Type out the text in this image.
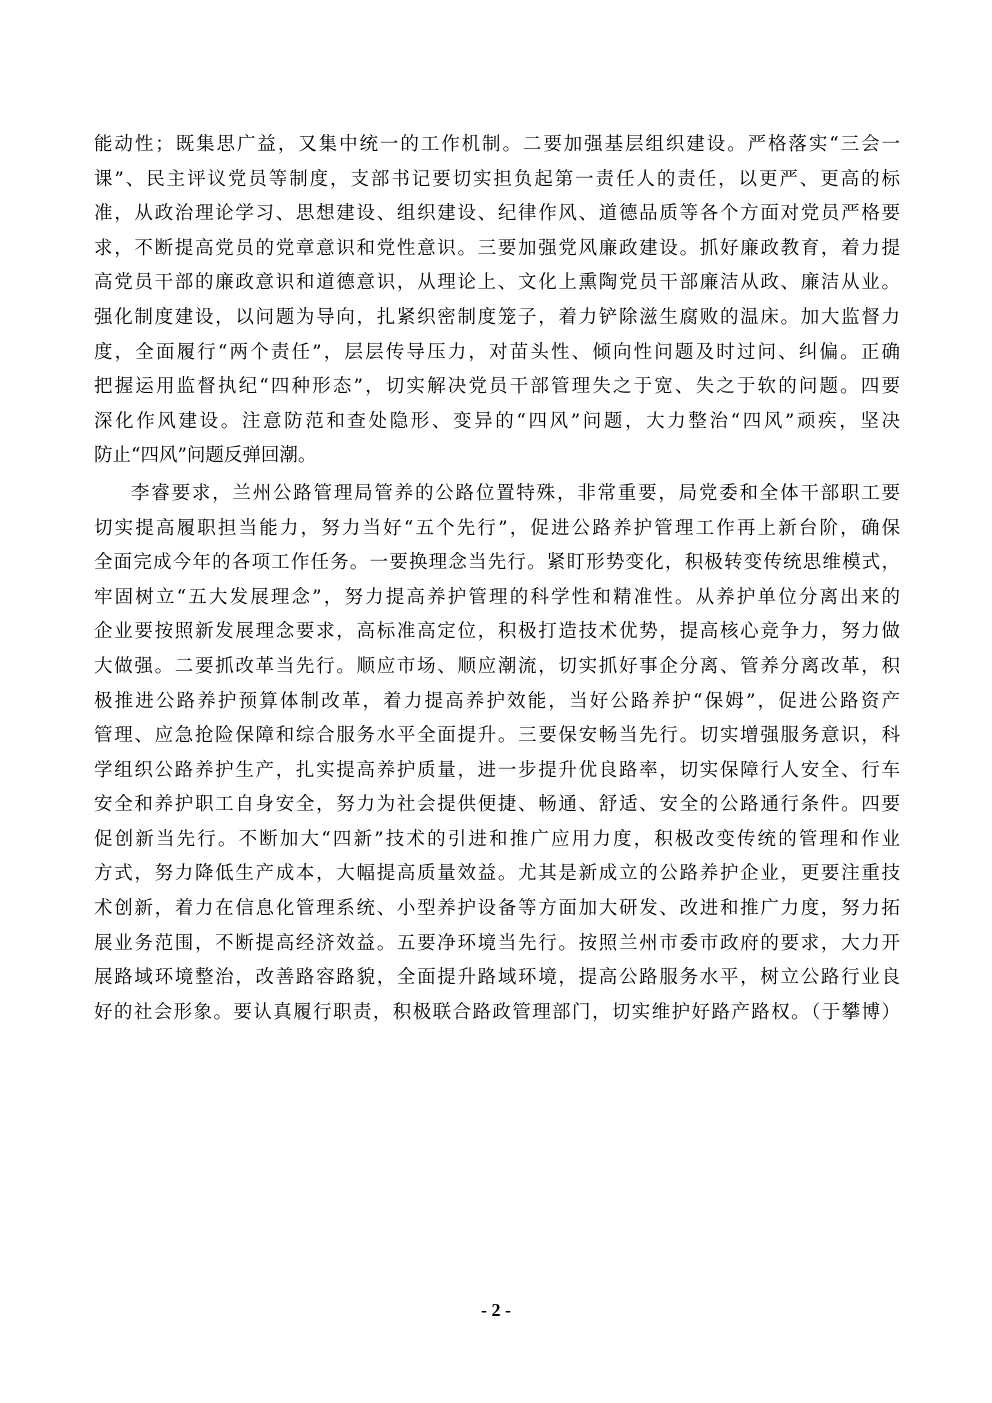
能动性；既集思广益，又集中统一的工作机制。二要加强基层组织建设。严格落实“三会一
课”、民主评议党员等制度，支部书记要切实担负起第一责任人的责任，以更严、更高的标
准，从政治理论学习、思想建设、组织建设、纪律作风、道德品质等各个方面对党员严格要
求，不断提高党员的党章意识和党性意识。三要加强党风廉政建设。抓好廉政教育，着力提
高党员干部的廉政意识和道德意识，从理论上、文化上熏陶党员干部廉洁从政、廉洁从业。
强化制度建设，以问题为导向，扎紧织密制度笼子，着力铲除滋生腐败的温床。加大监督力
度，全面履行“两个责任”，层层传导压力，对苗头性、倾向性问题及时过问、纠偏。正确
把握运用监督执纪“四种形态”，切实解决党员干部管理失之于宽、失之于软的问题。四要
深化作风建设。注意防范和查处隐形、变异的“四风”问题，大力整治“四风”顽疾，坚决
防止“四风”问题反弹回潮。
李睿要求，兰州公路管理局管养的公路位置特殊，非常重要，局党委和全体干部职工要
切实提高履职担当能力，努力当好“五个先行”，促进公路养护管理工作再上新台阶，确保
全面完成今年的各项工作任务。一要换理念当先行。紧盯形势变化，积极转变传统思维模式，
牢固树立“五大发展理念”，努力提高养护管理的科学性和精准性。从养护单位分离出来的
企业要按照新发展理念要求，高标准高定位，积极打造技术优势，提高核心竞争力，努力做
大做强。二要抓改革当先行。顺应市场、顺应潮流，切实抓好事企分离、管养分离改革，积
极推进公路养护预算体制改革，着力提高养护效能，当好公路养护“保姆”，促进公路资产
管理、应急抢险保障和综合服务水平全面提升。三要保安畅当先行。切实增强服务意识，科
学组织公路养护生产，扎实提高养护质量，进一步提升优良路率，切实保障行人安全、行车
安全和养护职工自身安全，努力为社会提供便捷、畅通、舒适、安全的公路通行条件。四要
促创新当先行。不断加大“四新”技术的引进和推广应用力度，积极改变传统的管理和作业
方式，努力降低生产成本，大幅提高质量效益。尤其是新成立的公路养护企业，更要注重技
术创新，着力在信息化管理系统、小型养护设备等方面加大研发、改进和推广力度，努力拓
展业务范围，不断提高经济效益。五要净环境当先行。按照兰州市委市政府的要求，大力开
展路域环境整治，改善路容路貌，全面提升路域环境，提高公路服务水平，树立公路行业良
好的社会形象。要认真履行职责，积极联合路政管理部门，切实维护好路产路权。（于攀博）
- 2 -
